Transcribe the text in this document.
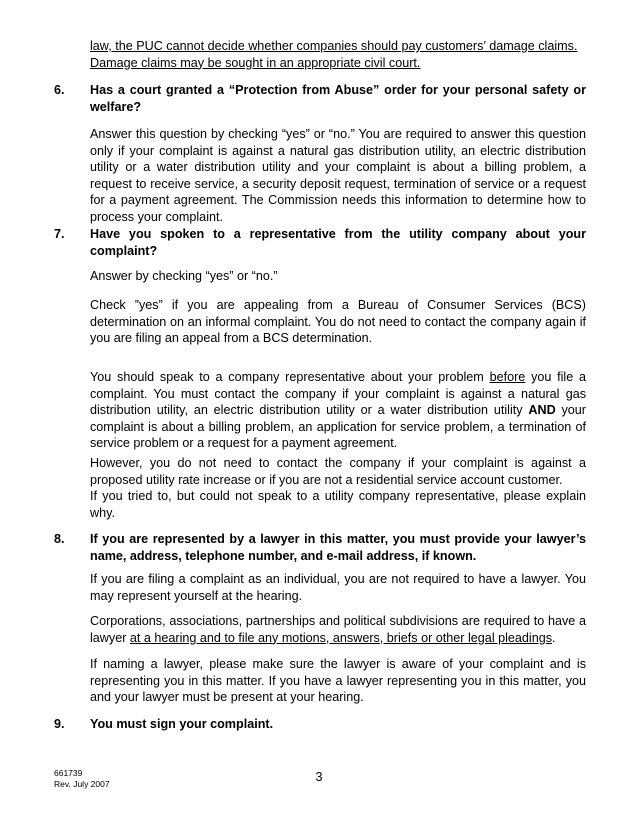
law, the PUC cannot decide whether companies should pay customers’ damage claims.
Damage claims may be sought in an appropriate civil court.

6. Has a court granted a “Protection from Abuse” order for your personal safety or welfare?

Answer this question by checking “yes” or “no.” You are required to answer this question only if your complaint is against a natural gas distribution utility, an electric distribution utility or a water distribution utility and your complaint is about a billing problem, a request to receive service, a security deposit request, termination of service or a request for a payment agreement. The Commission needs this information to determine how to process your complaint.

7. Have you spoken to a representative from the utility company about your complaint?

Answer by checking “yes” or “no.”

Check ”yes” if you are appealing from a Bureau of Consumer Services (BCS) determination on an informal complaint. You do not need to contact the company again if you are filing an appeal from a BCS determination.

You should speak to a company representative about your problem before you file a complaint. You must contact the company if your complaint is against a natural gas distribution utility, an electric distribution utility or a water distribution utility AND your complaint is about a billing problem, an application for service problem, a termination of service problem or a request for a payment agreement.

However, you do not need to contact the company if your complaint is against a proposed utility rate increase or if you are not a residential service account customer.

If you tried to, but could not speak to a utility company representative, please explain why.

8. If you are represented by a lawyer in this matter, you must provide your lawyer’s name, address, telephone number, and e-mail address, if known.

If you are filing a complaint as an individual, you are not required to have a lawyer. You may represent yourself at the hearing.

Corporations, associations, partnerships and political subdivisions are required to have a lawyer at a hearing and to file any motions, answers, briefs or other legal pleadings.

If naming a lawyer, please make sure the lawyer is aware of your complaint and is representing you in this matter. If you have a lawyer representing you in this matter, you and your lawyer must be present at your hearing.

9. You must sign your complaint.

661739
Rev. July 2007	3
